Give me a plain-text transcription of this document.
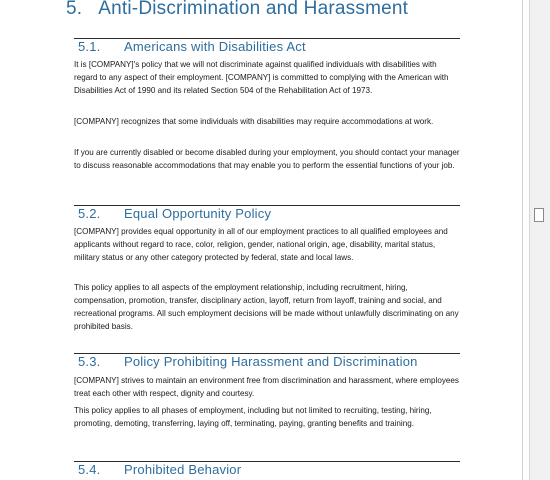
5. Anti-Discrimination and Harassment
5.1. Americans with Disabilities Act

It is [COMPANY]'s policy that we will not discriminate against qualified individuals with disabilities with regard to any aspect of their employment. [COMPANY] is committed to complying with the American with Disabilities Act of 1990 and its related Section 504 of the Rehabilitation Act of 1973.

[COMPANY] recognizes that some individuals with disabilities may require accommodations at work.

If you are currently disabled or become disabled during your employment, you should contact your manager to discuss reasonable accommodations that may enable you to perform the essential functions of your job.

5.2. Equal Opportunity Policy

[COMPANY] provides equal opportunity in all of our employment practices to all qualified employees and applicants without regard to race, color, religion, gender, national origin, age, disability, marital status, military status or any other category protected by federal, state and local laws.

This policy applies to all aspects of the employment relationship, including recruitment, hiring, compensation, promotion, transfer, disciplinary action, layoff, return from layoff, training and social, and recreational programs. All such employment decisions will be made without unlawfully discriminating on any prohibited basis.

5.3. Policy Prohibiting Harassment and Discrimination

[COMPANY] strives to maintain an environment free from discrimination and harassment, where employees treat each other with respect, dignity and courtesy.

This policy applies to all phases of employment, including but not limited to recruiting, testing, hiring, promoting, demoting, transferring, laying off, terminating, paying, granting benefits and training.

5.4. Prohibited Behavior
